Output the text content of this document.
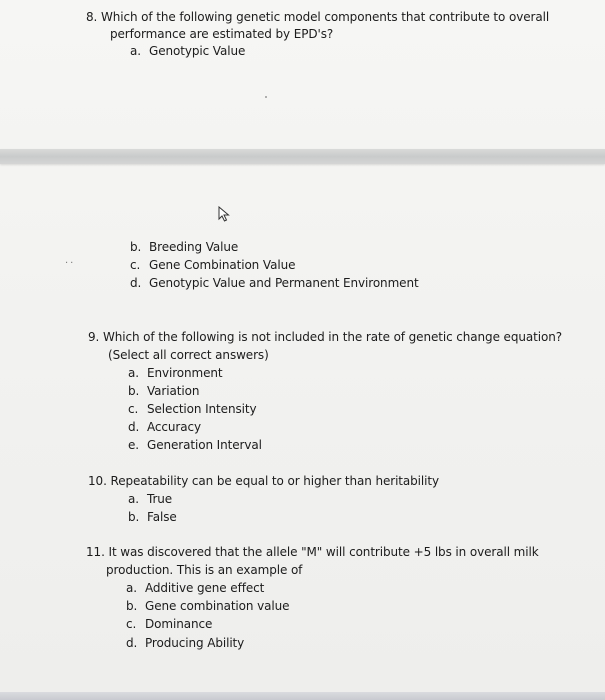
8. Which of the following genetic model components that contribute to overall
performance are estimated by EPD's?
a. Genotypic Value
··
b. Breeding Value
c. Gene Combination Value
d. Genotypic Value and Permanent Environment
9. Which of the following is not included in the rate of genetic change equation?
(Select all correct answers)
a. Environment
b. Variation
c. Selection Intensity
d. Accuracy
e. Generation Interval
10. Repeatability can be equal to or higher than heritability
a. True
b. False
11. It was discovered that the allele "M" will contribute +5 lbs in overall milk
production. This is an example of
a. Additive gene effect
b. Gene combination value
c. Dominance
d. Producing Ability
